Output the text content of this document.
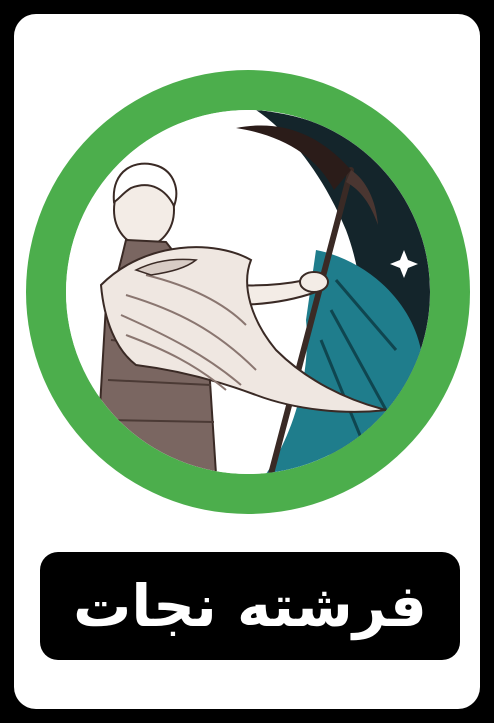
فرشته نجات
